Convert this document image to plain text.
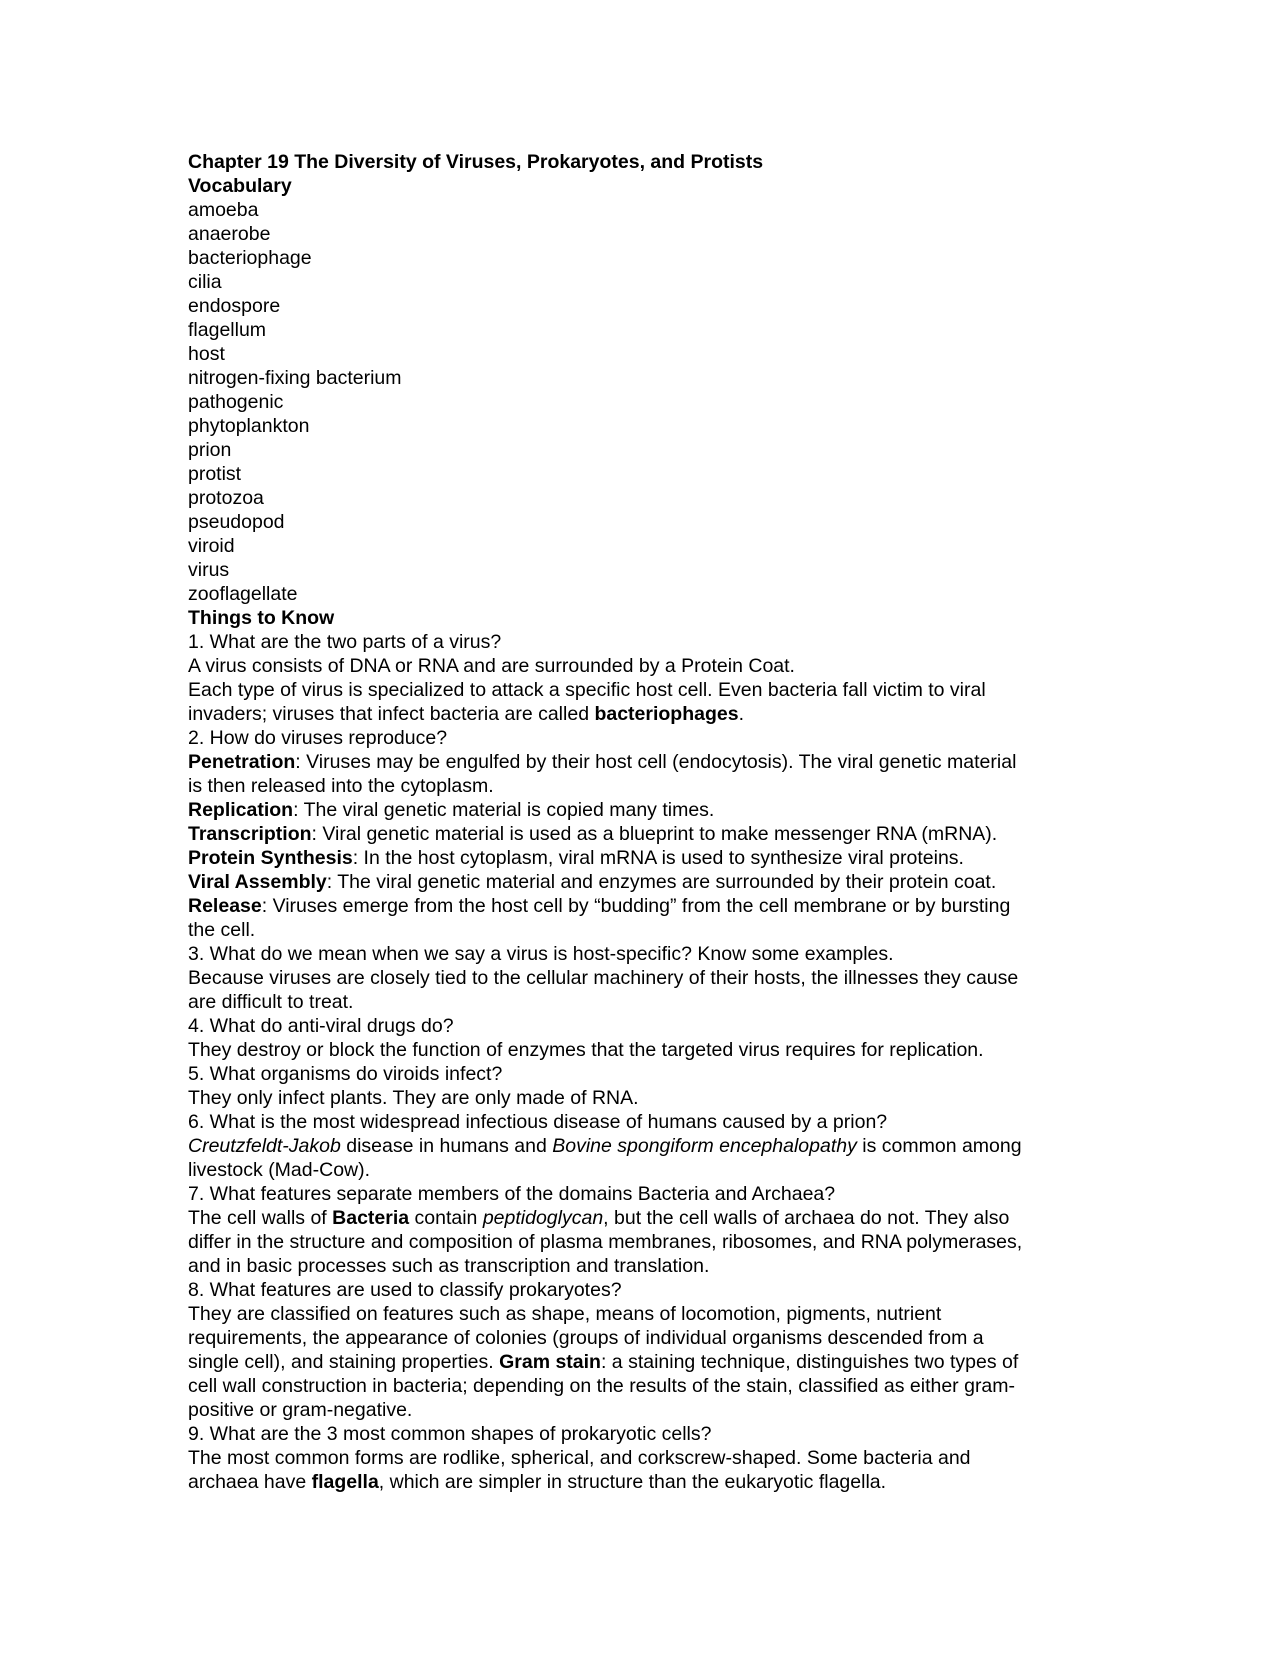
Chapter 19 The Diversity of Viruses, Prokaryotes, and Protists
Vocabulary
amoeba
anaerobe
bacteriophage
cilia
endospore
flagellum
host
nitrogen-fixing bacterium
pathogenic
phytoplankton
prion
protist
protozoa
pseudopod
viroid
virus
zooflagellate
Things to Know
1. What are the two parts of a virus?
A virus consists of DNA or RNA and are surrounded by a Protein Coat.
Each type of virus is specialized to attack a specific host cell. Even bacteria fall victim to viral
invaders; viruses that infect bacteria are called bacteriophages.
2. How do viruses reproduce?
Penetration: Viruses may be engulfed by their host cell (endocytosis). The viral genetic material
is then released into the cytoplasm.
Replication: The viral genetic material is copied many times.
Transcription: Viral genetic material is used as a blueprint to make messenger RNA (mRNA).
Protein Synthesis: In the host cytoplasm, viral mRNA is used to synthesize viral proteins.
Viral Assembly: The viral genetic material and enzymes are surrounded by their protein coat.
Release: Viruses emerge from the host cell by “budding” from the cell membrane or by bursting
the cell.
3. What do we mean when we say a virus is host-specific? Know some examples.
Because viruses are closely tied to the cellular machinery of their hosts, the illnesses they cause
are difficult to treat.
4. What do anti-viral drugs do?
They destroy or block the function of enzymes that the targeted virus requires for replication.
5. What organisms do viroids infect?
They only infect plants. They are only made of RNA.
6. What is the most widespread infectious disease of humans caused by a prion?
Creutzfeldt-Jakob disease in humans and Bovine spongiform encephalopathy is common among
livestock (Mad-Cow).
7. What features separate members of the domains Bacteria and Archaea?
The cell walls of Bacteria contain peptidoglycan, but the cell walls of archaea do not. They also
differ in the structure and composition of plasma membranes, ribosomes, and RNA polymerases,
and in basic processes such as transcription and translation.
8. What features are used to classify prokaryotes?
They are classified on features such as shape, means of locomotion, pigments, nutrient
requirements, the appearance of colonies (groups of individual organisms descended from a
single cell), and staining properties. Gram stain: a staining technique, distinguishes two types of
cell wall construction in bacteria; depending on the results of the stain, classified as either gram-
positive or gram-negative.
9. What are the 3 most common shapes of prokaryotic cells?
The most common forms are rodlike, spherical, and corkscrew-shaped. Some bacteria and
archaea have flagella, which are simpler in structure than the eukaryotic flagella.
